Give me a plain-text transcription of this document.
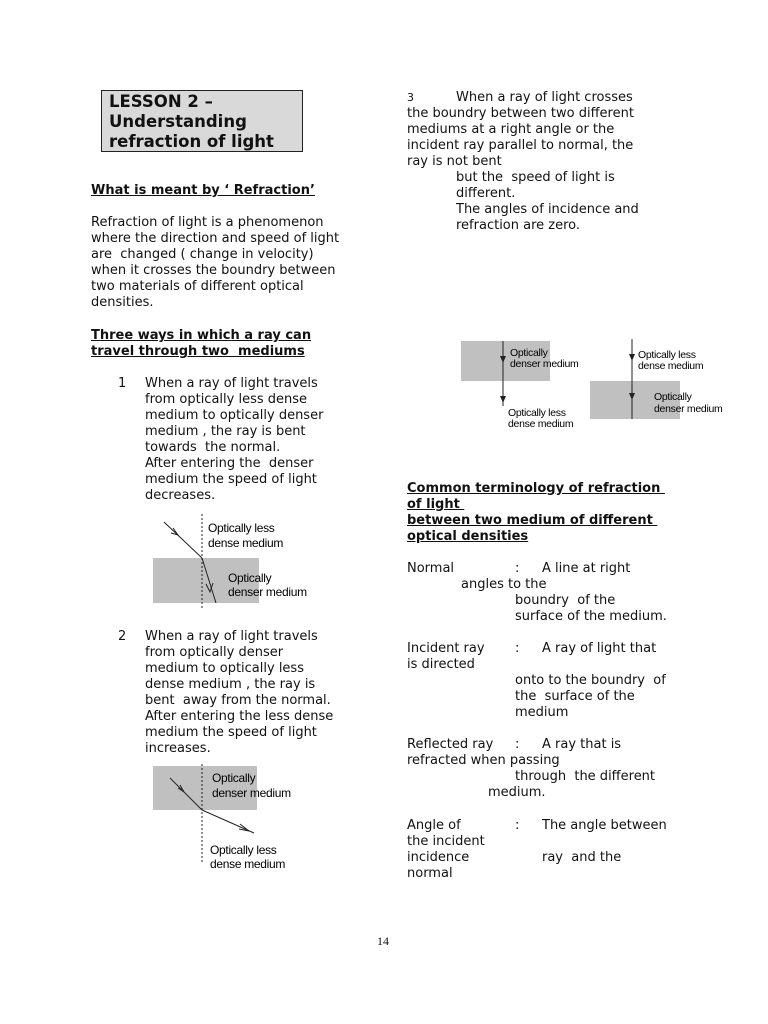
LESSON 2 –
Understanding
refraction of light
What is meant by ‘ Refraction’
Refraction of light is a phenomenon
where the direction and speed of light
are  changed ( change in velocity)
when it crosses the boundry between
two materials of different optical
densities.
Three ways in which a ray can
travel through two  mediums
1 When a ray of light travels
from optically less dense
medium to optically denser
medium , the ray is bent
towards  the normal.
After entering the  denser
medium the speed of light
decreases.
Optically less
dense medium
Optically
denser medium
2 When a ray of light travels
from optically denser
medium to optically less
dense medium , the ray is
bent  away from the normal.
After entering the less dense
medium the speed of light
increases.
Optically
denser medium
Optically less
dense medium
3	When a ray of light crosses
the boundry between two different
mediums at a right angle or the
incident ray parallel to normal, the
ray is not bent
but the  speed of light is
different.
The angles of incidence and
refraction are zero.
Optically
denser medium
Optically less
dense medium
Optically less
dense medium
Optically
denser medium
Common terminology of refraction
of light
between two medium of different
optical densities
Normal	: A line at right
angles to the
boundry  of the
surface of the medium.
Incident ray : A ray of light that
is directed
onto to the boundry  of
the  surface of the
medium
Reflected ray : A ray that is
refracted when passing
through  the different
medium.
Angle of	: The angle between
the incident
incidence	ray  and the
normal
14
